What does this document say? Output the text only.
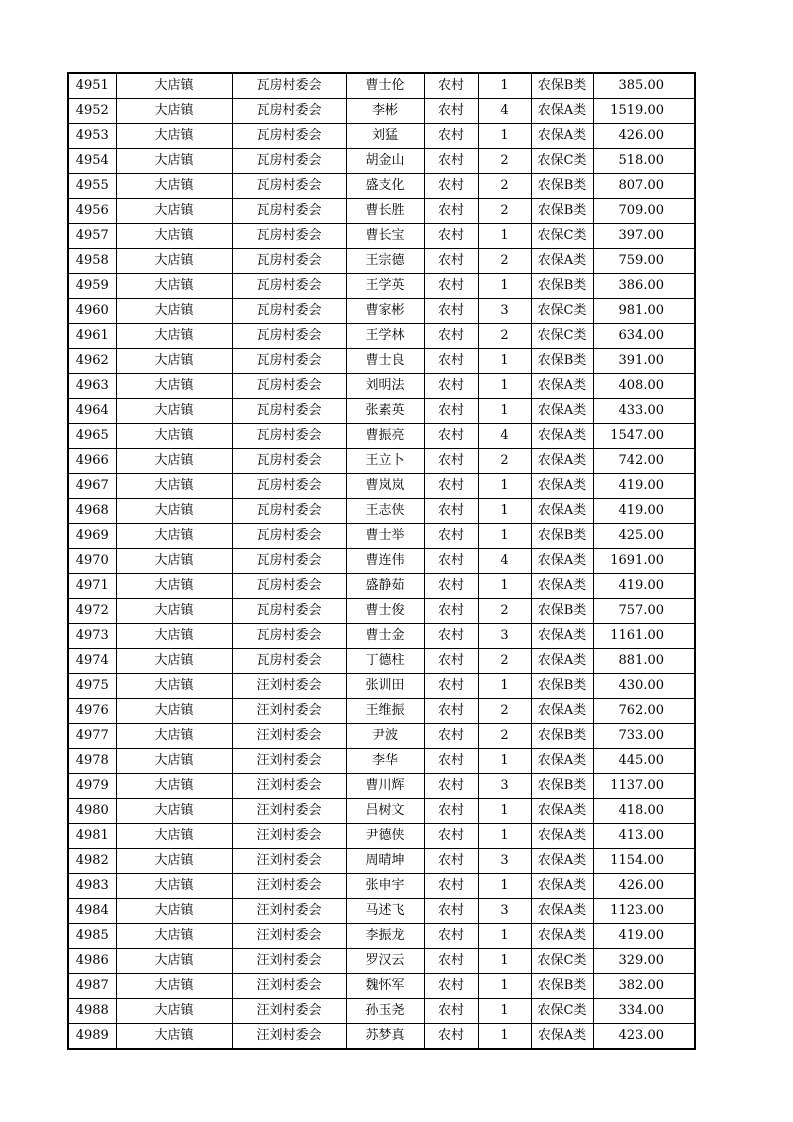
4951	大店镇	瓦房村委会	曹士伦	农村	1	农保B类	385.00
4952	大店镇	瓦房村委会	李彬	农村	4	农保A类	1519.00
4953	大店镇	瓦房村委会	刘猛	农村	1	农保A类	426.00
4954	大店镇	瓦房村委会	胡金山	农村	2	农保C类	518.00
4955	大店镇	瓦房村委会	盛支化	农村	2	农保B类	807.00
4956	大店镇	瓦房村委会	曹长胜	农村	2	农保B类	709.00
4957	大店镇	瓦房村委会	曹长宝	农村	1	农保C类	397.00
4958	大店镇	瓦房村委会	王宗德	农村	2	农保A类	759.00
4959	大店镇	瓦房村委会	王学英	农村	1	农保B类	386.00
4960	大店镇	瓦房村委会	曹家彬	农村	3	农保C类	981.00
4961	大店镇	瓦房村委会	王学林	农村	2	农保C类	634.00
4962	大店镇	瓦房村委会	曹士良	农村	1	农保B类	391.00
4963	大店镇	瓦房村委会	刘明法	农村	1	农保A类	408.00
4964	大店镇	瓦房村委会	张素英	农村	1	农保A类	433.00
4965	大店镇	瓦房村委会	曹振亮	农村	4	农保A类	1547.00
4966	大店镇	瓦房村委会	王立卜	农村	2	农保A类	742.00
4967	大店镇	瓦房村委会	曹岚岚	农村	1	农保A类	419.00
4968	大店镇	瓦房村委会	王志侠	农村	1	农保A类	419.00
4969	大店镇	瓦房村委会	曹士举	农村	1	农保B类	425.00
4970	大店镇	瓦房村委会	曹连伟	农村	4	农保A类	1691.00
4971	大店镇	瓦房村委会	盛静茹	农村	1	农保A类	419.00
4972	大店镇	瓦房村委会	曹士俊	农村	2	农保B类	757.00
4973	大店镇	瓦房村委会	曹士金	农村	3	农保A类	1161.00
4974	大店镇	瓦房村委会	丁德柱	农村	2	农保A类	881.00
4975	大店镇	汪刘村委会	张训田	农村	1	农保B类	430.00
4976	大店镇	汪刘村委会	王维振	农村	2	农保A类	762.00
4977	大店镇	汪刘村委会	尹波	农村	2	农保B类	733.00
4978	大店镇	汪刘村委会	李华	农村	1	农保A类	445.00
4979	大店镇	汪刘村委会	曹川辉	农村	3	农保B类	1137.00
4980	大店镇	汪刘村委会	吕树文	农村	1	农保A类	418.00
4981	大店镇	汪刘村委会	尹德侠	农村	1	农保A类	413.00
4982	大店镇	汪刘村委会	周晴坤	农村	3	农保A类	1154.00
4983	大店镇	汪刘村委会	张申宇	农村	1	农保A类	426.00
4984	大店镇	汪刘村委会	马述飞	农村	3	农保A类	1123.00
4985	大店镇	汪刘村委会	李振龙	农村	1	农保A类	419.00
4986	大店镇	汪刘村委会	罗汉云	农村	1	农保C类	329.00
4987	大店镇	汪刘村委会	魏怀军	农村	1	农保B类	382.00
4988	大店镇	汪刘村委会	孙玉尧	农村	1	农保C类	334.00
4989	大店镇	汪刘村委会	苏梦真	农村	1	农保A类	423.00
